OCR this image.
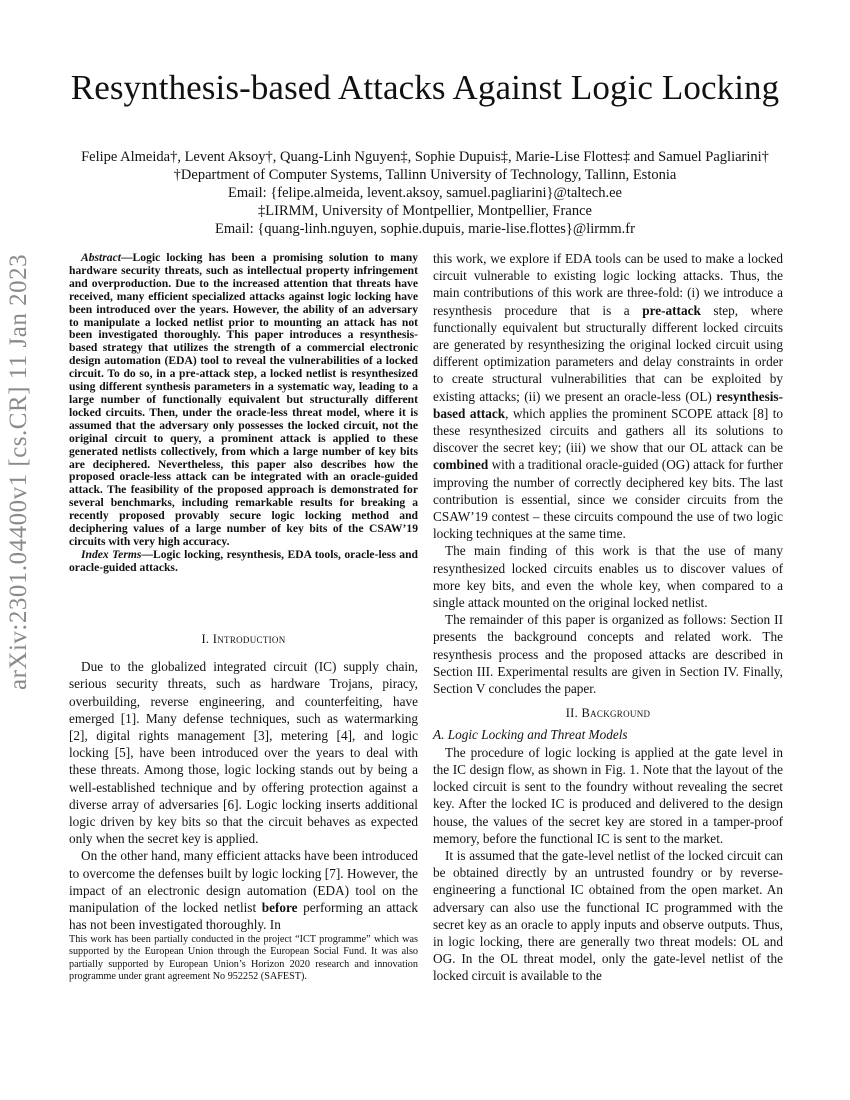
arXiv:2301.04400v1 [cs.CR] 11 Jan 2023
Resynthesis-based Attacks Against Logic Locking
Felipe Almeida†, Levent Aksoy†, Quang-Linh Nguyen‡, Sophie Dupuis‡, Marie-Lise Flottes‡ and Samuel Pagliarini†
†Department of Computer Systems, Tallinn University of Technology, Tallinn, Estonia
Email: {felipe.almeida, levent.aksoy, samuel.pagliarini}@taltech.ee
‡LIRMM, University of Montpellier, Montpellier, France
Email: {quang-linh.nguyen, sophie.dupuis, marie-lise.flottes}@lirmm.fr

Abstract—Logic locking has been a promising solution to many hardware security threats, such as intellectual property infringement and overproduction. Due to the increased attention that threats have received, many efficient specialized attacks against logic locking have been introduced over the years. However, the ability of an adversary to manipulate a locked netlist prior to mounting an attack has not been investigated thoroughly. This paper introduces a resynthesis-based strategy that utilizes the strength of a commercial electronic design automation (EDA) tool to reveal the vulnerabilities of a locked circuit. To do so, in a pre-attack step, a locked netlist is resynthesized using different synthesis parameters in a systematic way, leading to a large number of functionally equivalent but structurally different locked circuits. Then, under the oracle-less threat model, where it is assumed that the adversary only possesses the locked circuit, not the original circuit to query, a prominent attack is applied to these generated netlists collectively, from which a large number of key bits are deciphered. Nevertheless, this paper also describes how the proposed oracle-less attack can be integrated with an oracle-guided attack. The feasibility of the proposed approach is demonstrated for several benchmarks, including remarkable results for breaking a recently proposed provably secure logic locking method and deciphering values of a large number of key bits of the CSAW’19 circuits with very high accuracy.

Index Terms—Logic locking, resynthesis, EDA tools, oracle-less and oracle-guided attacks.

I. Introduction

Due to the globalized integrated circuit (IC) supply chain, serious security threats, such as hardware Trojans, piracy, overbuilding, reverse engineering, and counterfeiting, have emerged [1]. Many defense techniques, such as watermarking [2], digital rights management [3], metering [4], and logic locking [5], have been introduced over the years to deal with these threats. Among those, logic locking stands out by being a well-established technique and by offering protection against a diverse array of adversaries [6]. Logic locking inserts additional logic driven by key bits so that the circuit behaves as expected only when the secret key is applied.

On the other hand, many efficient attacks have been introduced to overcome the defenses built by logic locking [7]. However, the impact of an electronic design automation (EDA) tool on the manipulation of the locked netlist before performing an attack has not been investigated thoroughly. In

This work has been partially conducted in the project “ICT programme” which was supported by the European Union through the European Social Fund. It was also partially supported by European Union’s Horizon 2020 research and innovation programme under grant agreement No 952252 (SAFEST).

this work, we explore if EDA tools can be used to make a locked circuit vulnerable to existing logic locking attacks. Thus, the main contributions of this work are three-fold: (i) we introduce a resynthesis procedure that is a pre-attack step, where functionally equivalent but structurally different locked circuits are generated by resynthesizing the original locked circuit using different optimization parameters and delay constraints in order to create structural vulnerabilities that can be exploited by existing attacks; (ii) we present an oracle-less (OL) resynthesis-based attack, which applies the prominent SCOPE attack [8] to these resynthesized circuits and gathers all its solutions to discover the secret key; (iii) we show that our OL attack can be combined with a traditional oracle-guided (OG) attack for further improving the number of correctly deciphered key bits. The last contribution is essential, since we consider circuits from the CSAW’19 contest – these circuits compound the use of two logic locking techniques at the same time.

The main finding of this work is that the use of many resynthesized locked circuits enables us to discover values of more key bits, and even the whole key, when compared to a single attack mounted on the original locked netlist.

The remainder of this paper is organized as follows: Section II presents the background concepts and related work. The resynthesis process and the proposed attacks are described in Section III. Experimental results are given in Section IV. Finally, Section V concludes the paper.

II. Background

A. Logic Locking and Threat Models

The procedure of logic locking is applied at the gate level in the IC design flow, as shown in Fig. 1. Note that the layout of the locked circuit is sent to the foundry without revealing the secret key. After the locked IC is produced and delivered to the design house, the values of the secret key are stored in a tamper-proof memory, before the functional IC is sent to the market.

It is assumed that the gate-level netlist of the locked circuit can be obtained directly by an untrusted foundry or by reverse-engineering a functional IC obtained from the open market. An adversary can also use the functional IC programmed with the secret key as an oracle to apply inputs and observe outputs. Thus, in logic locking, there are generally two threat models: OL and OG. In the OL threat model, only the gate-level netlist of the locked circuit is available to the
